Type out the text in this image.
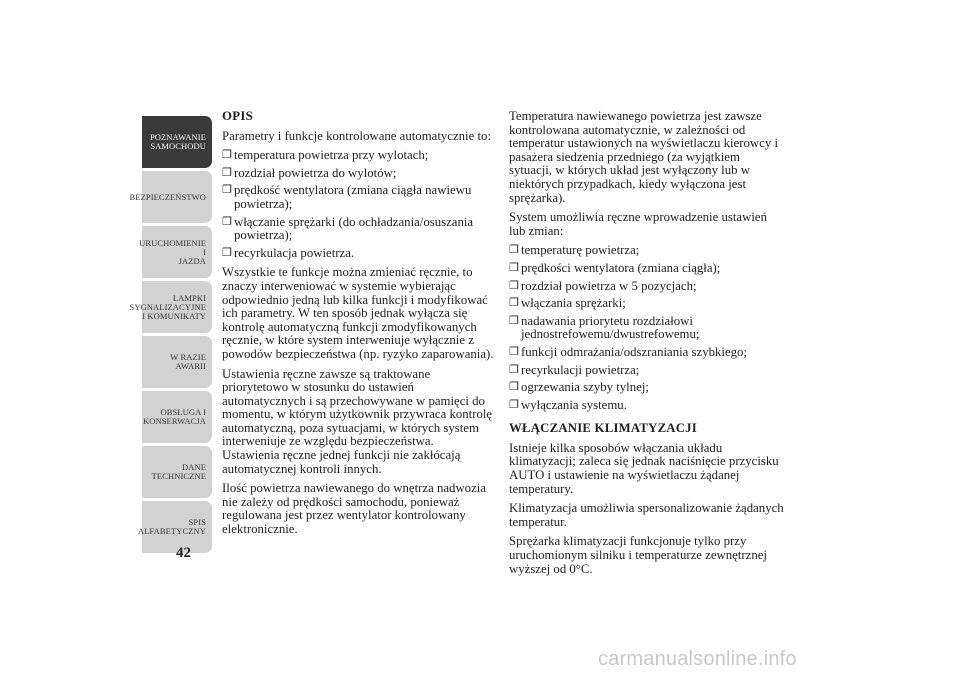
POZNAWANIE
SAMOCHODU
BEZPIECZEŃSTWO
URUCHOMIENIE I
JAZDA
LAMPKI
SYGNALIZACYJNE
I KOMUNIKATY
W RAZIE AWARII
OBSŁUGA I
KONSERWACJA
DANE
TECHNICZNE
SPIS
ALFABETYCZNY
42
OPIS

Parametry i funkcje kontrolowane automatycznie to:

❐ temperatura powietrza przy wylotach;
❐ rozdział powietrza do wylotów;
❐ prędkość wentylatora (zmiana ciągła nawiewu powietrza);
❐ włączanie sprężarki (do ochładzania/osuszania powietrza);
❐ recyrkulacja powietrza.

Wszystkie te funkcje można zmieniać ręcznie, to znaczy interweniować w systemie wybierając odpowiednio jedną lub kilka funkcji i modyfikować ich parametry. W ten sposób jednak wyłącza się kontrolę automatyczną funkcji zmodyfikowanych ręcznie, w które system interweniuje wyłącznie z powodów bezpieczeństwa (np. ryzyko zaparowania).

Ustawienia ręczne zawsze są traktowane priorytetowo w stosunku do ustawień automatycznych i są przechowywane w pamięci do momentu, w którym użytkownik przywraca kontrolę automatyczną, poza sytuacjami, w których system interweniuje ze względu bezpieczeństwa. Ustawienia ręczne jednej funkcji nie zakłócają automatycznej kontroli innych.

Ilość powietrza nawiewanego do wnętrza nadwozia nie zależy od prędkości samochodu, ponieważ regulowana jest przez wentylator kontrolowany elektronicznie.

Temperatura nawiewanego powietrza jest zawsze kontrolowana automatycznie, w zależności od temperatur ustawionych na wyświetlaczu kierowcy i pasażera siedzenia przedniego (za wyjątkiem sytuacji, w których układ jest wyłączony lub w niektórych przypadkach, kiedy wyłączona jest sprężarka).

System umożliwia ręczne wprowadzenie ustawień lub zmian:

❐ temperaturę powietrza;
❐ prędkości wentylatora (zmiana ciągła);
❐ rozdział powietrza w 5 pozycjach;
❐ włączania sprężarki;
❐ nadawania priorytetu rozdziałowi jednostrefowemu/dwustrefowemu;
❐ funkcji odmrażania/odszraniania szybkiego;
❐ recyrkulacji powietrza;
❐ ogrzewania szyby tylnej;
❐ wyłączania systemu.
WŁĄCZANIE KLIMATYZACJI

Istnieje kilka sposobów włączania układu klimatyzacji; zaleca się jednak naciśnięcie przycisku AUTO i ustawienie na wyświetlaczu żądanej temperatury.

Klimatyzacja umożliwia spersonalizowanie żądanych temperatur.

Sprężarka klimatyzacji funkcjonuje tylko przy uruchomionym silniku i temperaturze zewnętrznej wyższej od 0°C.

carmanualsonline.info
